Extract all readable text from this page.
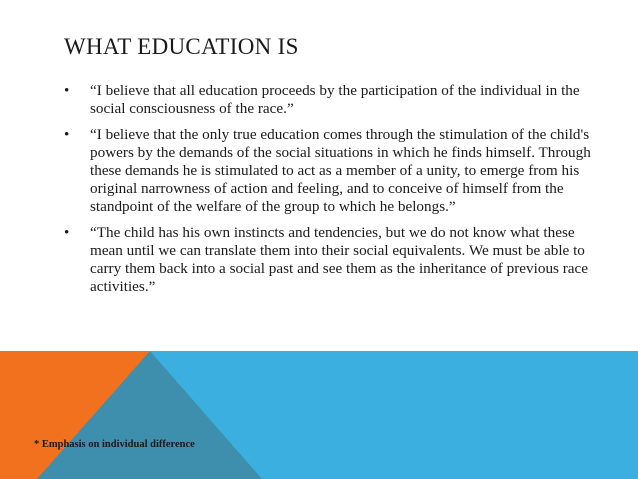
WHAT EDUCATION IS
•	“I believe that all education proceeds by the participation of the individual in the social consciousness of the race.”
•	“I believe that the only true education comes through the stimulation of the child's powers by the demands of the social situations in which he finds himself. Through these demands he is stimulated to act as a member of a unity, to emerge from his original narrowness of action and feeling, and to conceive of himself from the standpoint of the welfare of the group to which he belongs.”
•	“The child has his own instincts and tendencies, but we do not know what these mean until we can translate them into their social equivalents. We must be able to carry them back into a social past and see them as the inheritance of previous race activities.”
* Emphasis on individual difference
